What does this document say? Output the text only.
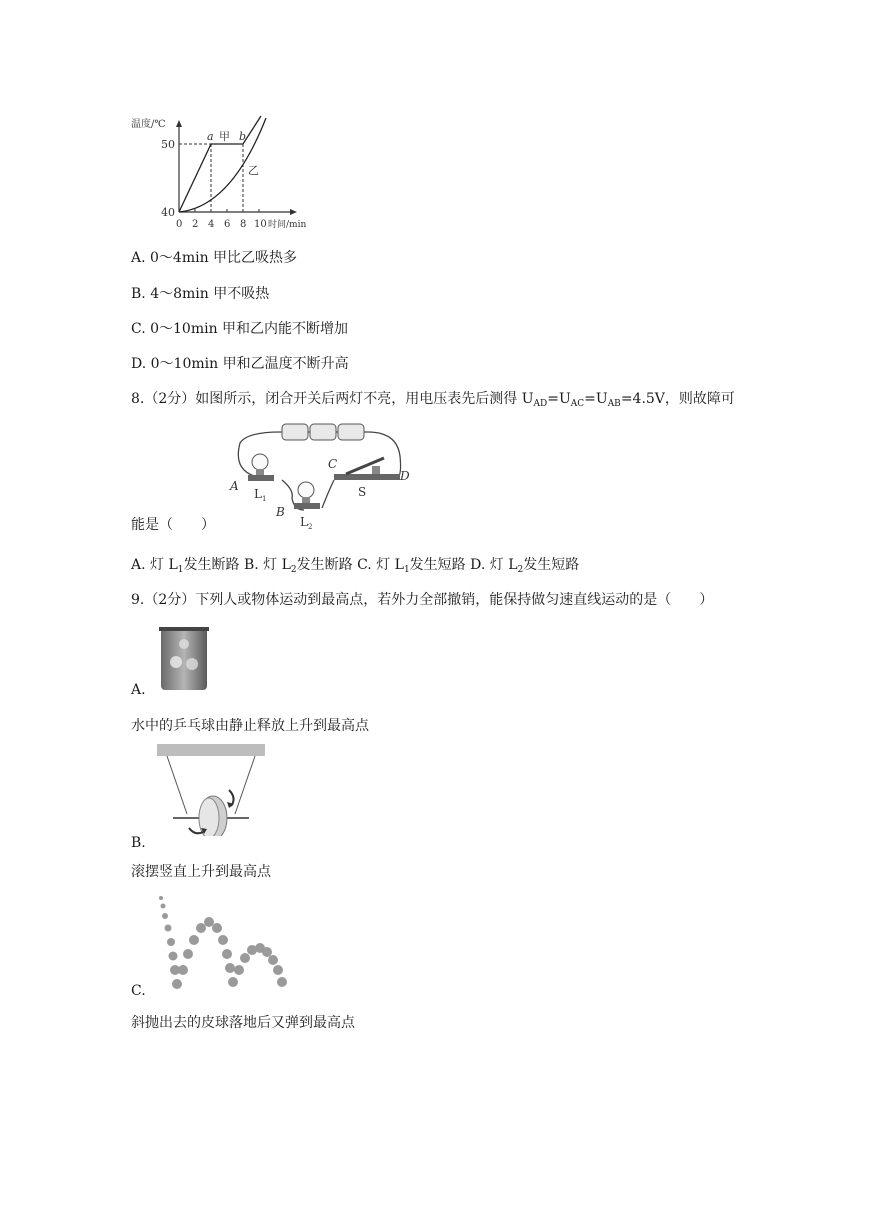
温度/℃
50
40
0 2 4 6 8 10 时间/min
a b
甲
乙
A. 0～4min 甲比乙吸热多
B. 4～8min 甲不吸热
C. 0～10min 甲和乙内能不断增加
D. 0～10min 甲和乙温度不断升高
8.（2分）如图所示，闭合开关后两灯不亮，用电压表先后测得 $U_{AD}=U_{AC}=U_{AB}=4.5V$，则故障可
A
B
C
D
S
$L_1$
$L_2$
能是（　　）
A. 灯 $L_1$发生断路 B. 灯 $L_2$发生断路 C. 灯 $L_1$发生短路 D. 灯 $L_2$发生短路
9.（2分）下列人或物体运动到最高点，若外力全部撤销，能保持做匀速直线运动的是（　　）
A.
水中的乒乓球由静止释放上升到最高点
B.
滚摆竖直上升到最高点
C.
斜抛出去的皮球落地后又弹到最高点
